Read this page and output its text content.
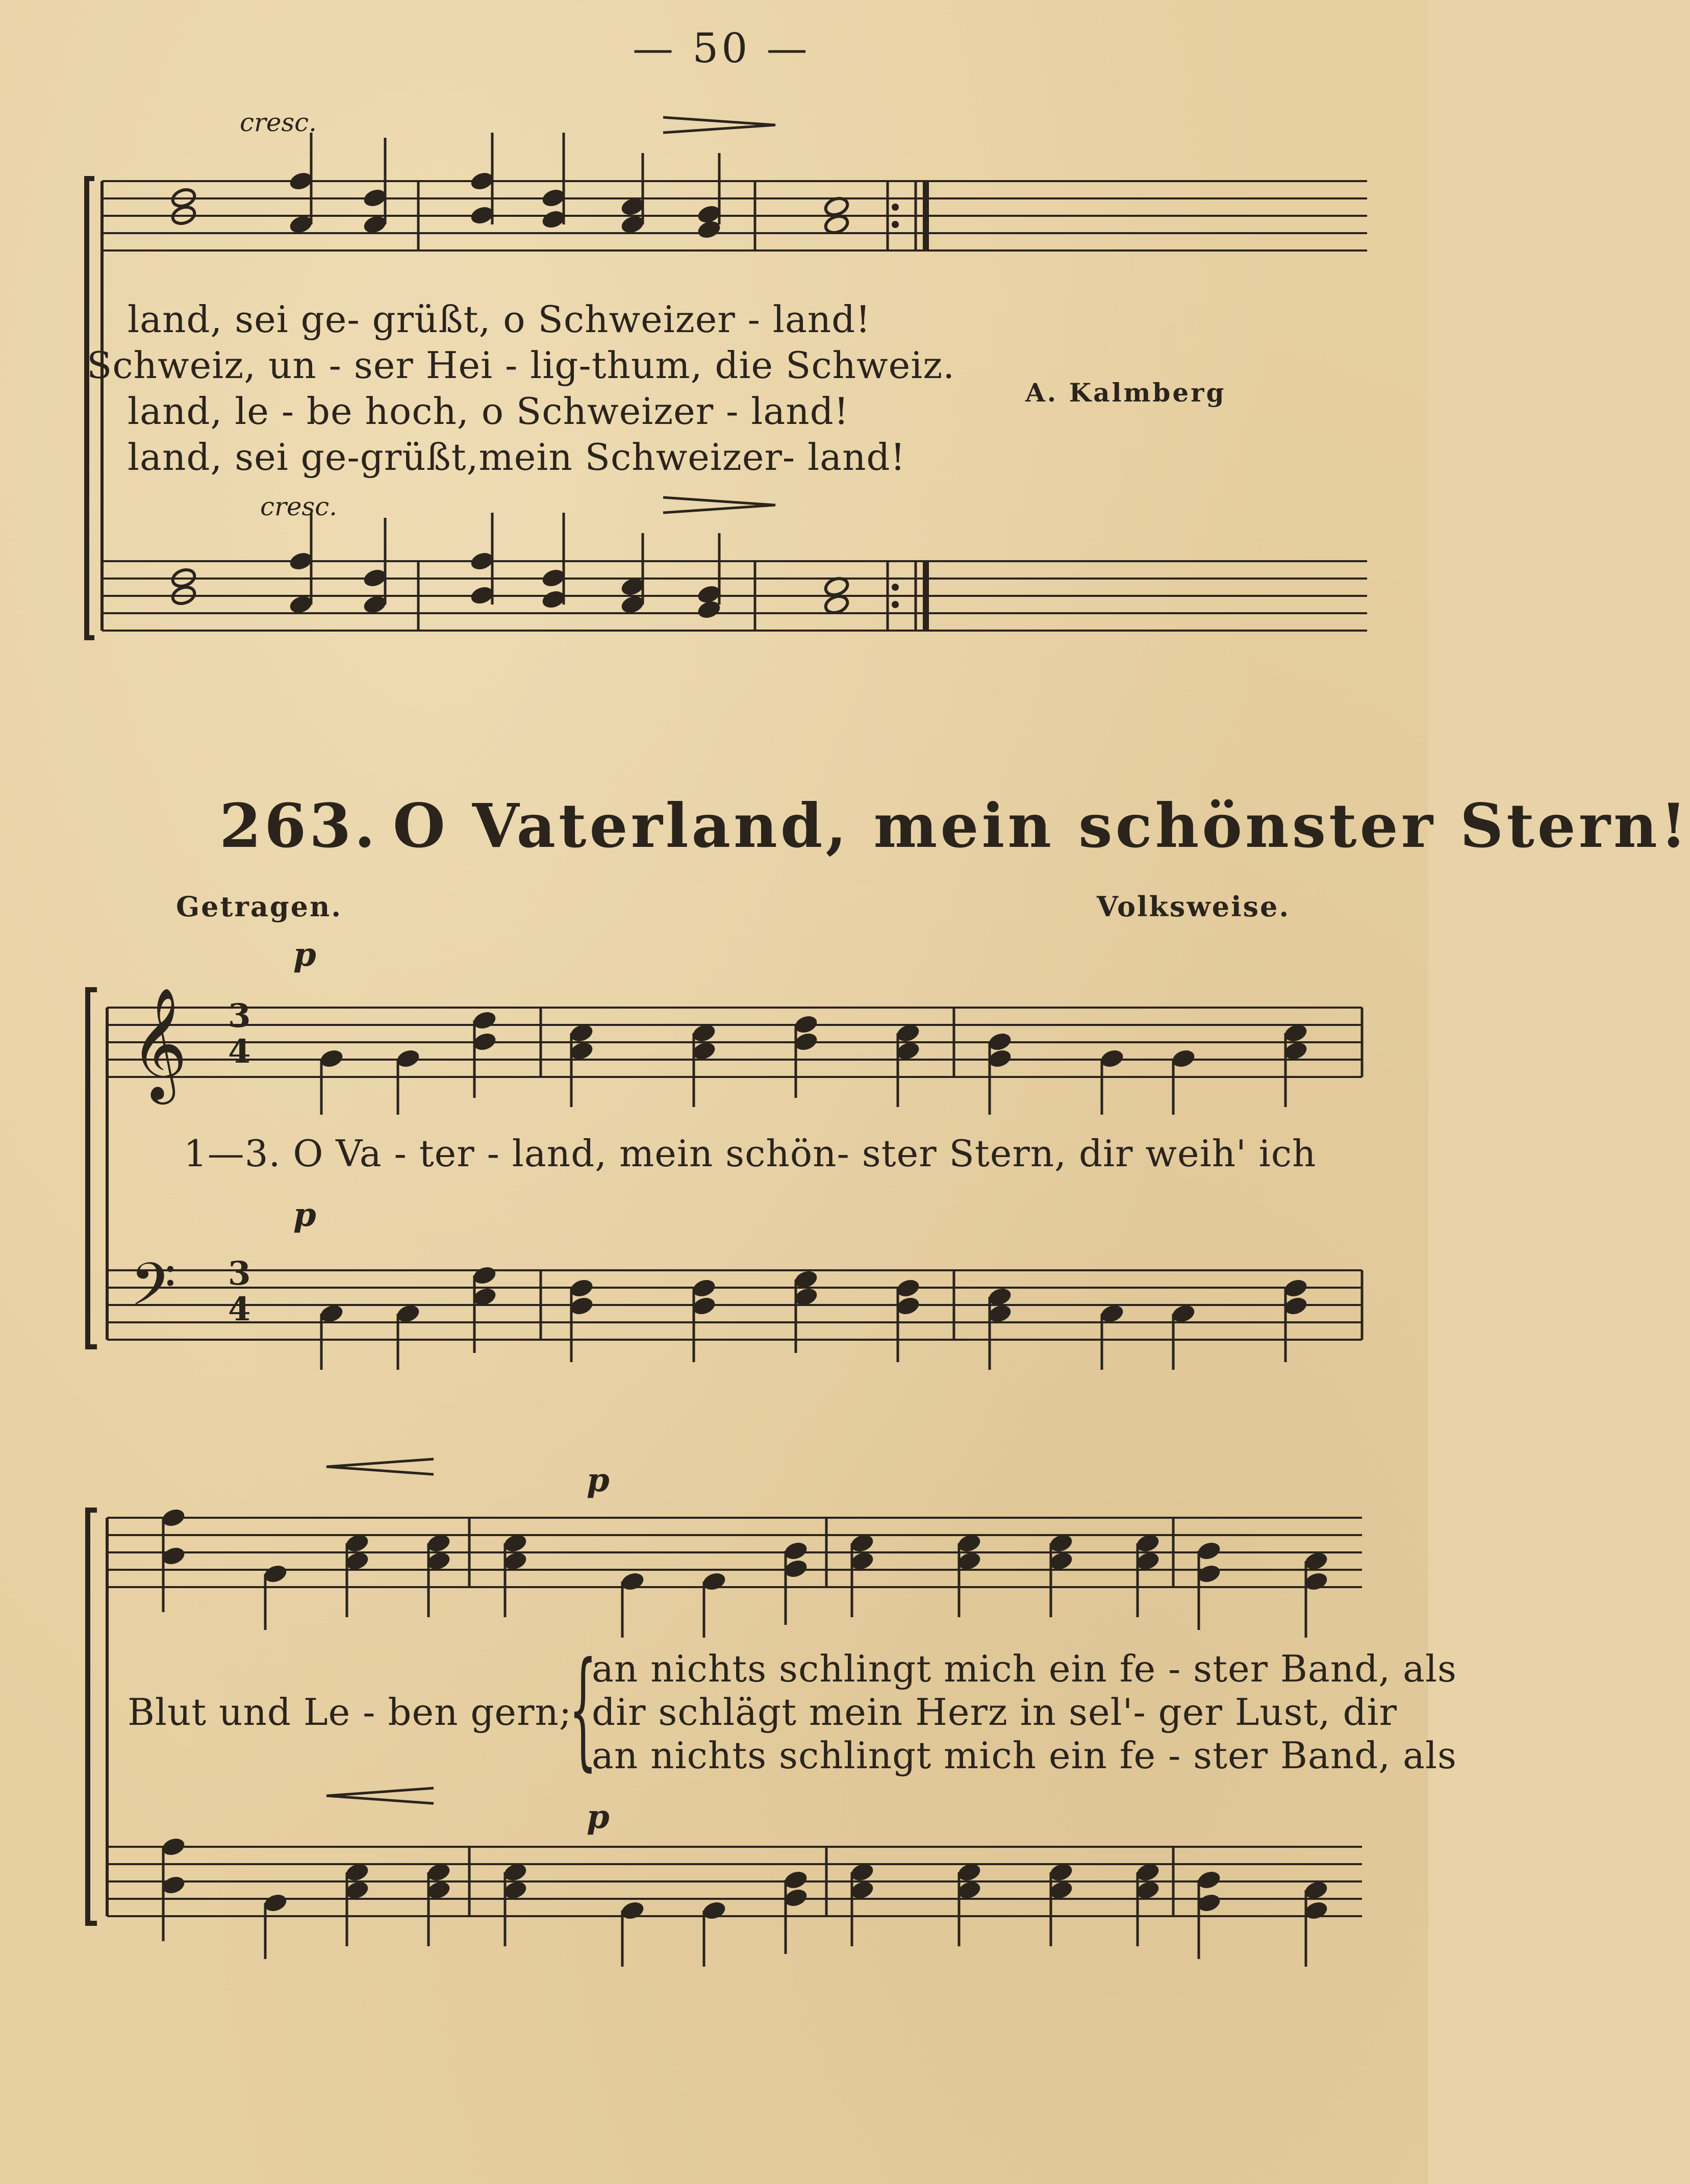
𝄞
𝄢
— 50 —
cresc.
cresc.
land, sei ge- grüßt, o Schweizer - land!
Schweiz, un - ser Hei - lig-thum, die Schweiz.
land, le - be hoch, o Schweizer - land!
land, sei ge-grüßt,mein Schweizer- land!
A. Kalmberg
263. O Vaterland, mein schönster Stern!
Getragen.	Volksweise.
3
4
3
4
p
p
p
p
1—3. O Va - ter - land, mein schön- ster Stern, dir weih' ich
Blut und Le - ben gern;
an nichts schlingt mich ein fe - ster Band, als
dir schlägt mein Herz in sel'- ger Lust, dir
an nichts schlingt mich ein fe - ster Band, als
{
